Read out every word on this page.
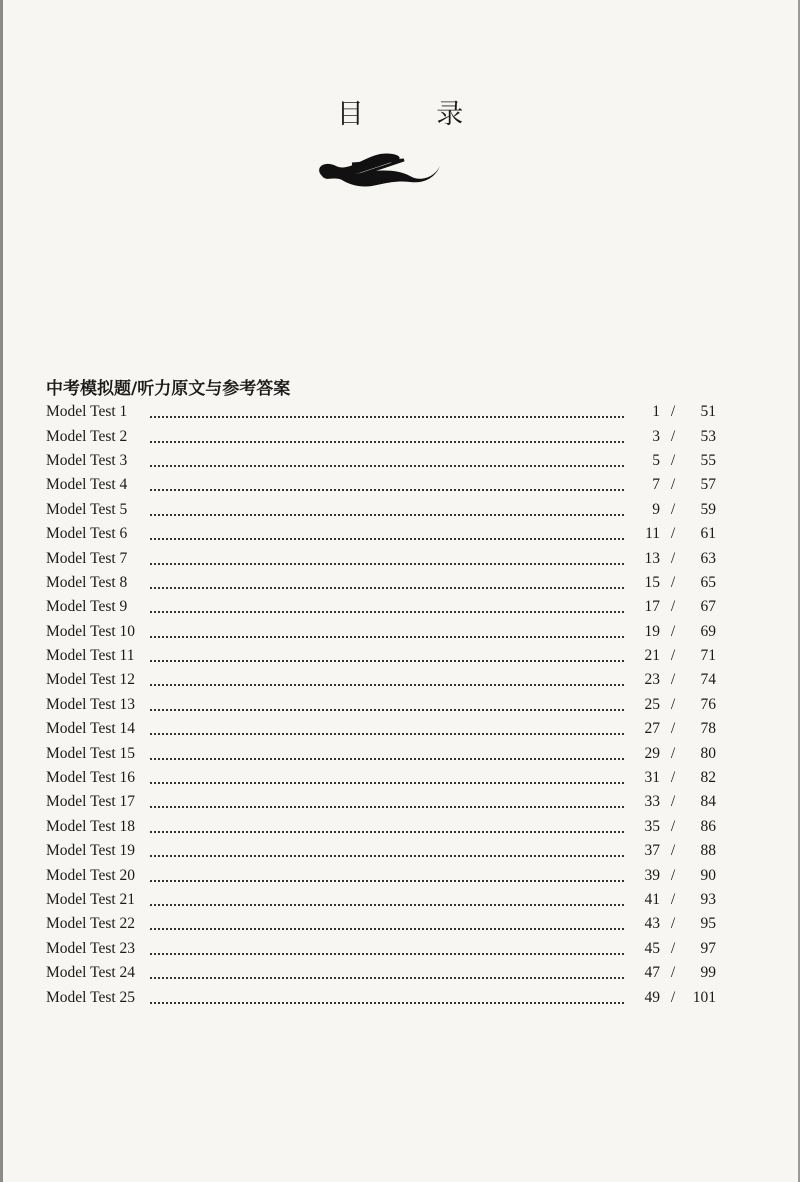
目 录
中考模拟题/听力原文与参考答案
Model Test 1	1 /	51
Model Test 2	3 /	53
Model Test 3	5 /	55
Model Test 4	7 /	57
Model Test 5	9 /	59
Model Test 6	11 /	61
Model Test 7	13 /	63
Model Test 8	15 /	65
Model Test 9	17 /	67
Model Test 10	19 /	69
Model Test 11	21 /	71
Model Test 12	23 /	74
Model Test 13	25 /	76
Model Test 14	27 /	78
Model Test 15	29 /	80
Model Test 16	31 /	82
Model Test 17	33 /	84
Model Test 18	35 /	86
Model Test 19	37 /	88
Model Test 20	39 /	90
Model Test 21	41 /	93
Model Test 22	43 /	95
Model Test 23	45 /	97
Model Test 24	47 /	99
Model Test 25	49 /	101
